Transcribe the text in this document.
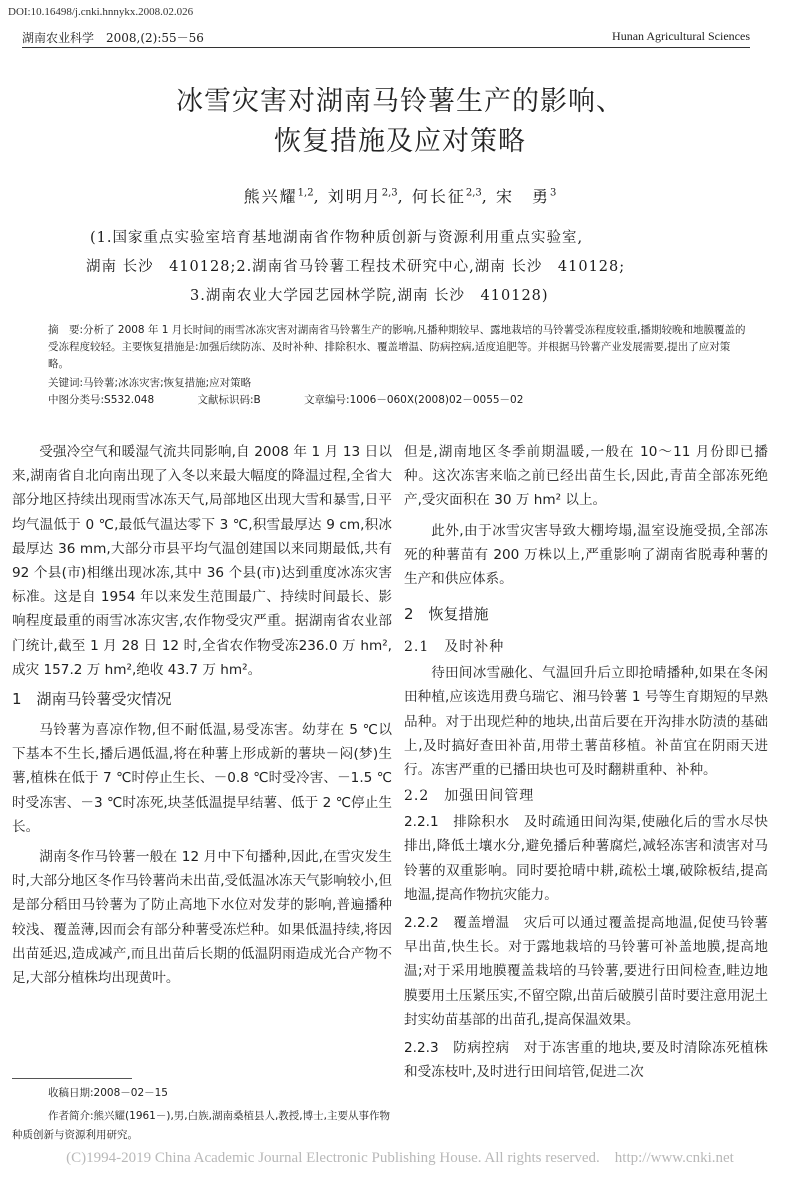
DOI:10.16498/j.cnki.hnnykx.2008.02.026
湖南农业科学　2008,(2):55－56	Hunan Agricultural Sciences
冰雪灾害对湖南马铃薯生产的影响、
恢复措施及应对策略
熊兴耀$^{1,2}$, 刘明月$^{2,3}$, 何长征$^{2,3}$, 宋　勇$^3$
(1.国家重点实验室培育基地湖南省作物种质创新与资源利用重点实验室,
湖南 长沙　410128;2.湖南省马铃薯工程技术研究中心,湖南 长沙　410128;
3.湖南农业大学园艺园林学院,湖南 长沙　410128)
摘　要:分析了 2008 年 1 月长时间的雨雪冰冻灾害对湖南省马铃薯生产的影响,凡播种期较早、露地栽培的马铃薯受冻程度较重,播期较晚和地膜覆盖的受冻程度较轻。主要恢复措施是:加强后续防冻、及时补种、排除积水、覆盖增温、防病控病,适度追肥等。并根据马铃薯产业发展需要,提出了应对策略。
关键词:马铃薯;冰冻灾害;恢复措施;应对策略
中图分类号:S532.048	文献标识码:B	文章编号:1006－060X(2008)02－0055－02

受强冷空气和暖湿气流共同影响,自 2008 年 1 月 13 日以来,湖南省自北向南出现了入冬以来最大幅度的降温过程,全省大部分地区持续出现雨雪冰冻天气,局部地区出现大雪和暴雪,日平均气温低于 0 ℃,最低气温达零下 3 ℃,积雪最厚达 9 cm,积冰最厚达 36 mm,大部分市县平均气温创建国以来同期最低,共有 92 个县(市)相继出现冰冻,其中 36 个县(市)达到重度冰冻灾害标准。这是自 1954 年以来发生范围最广、持续时间最长、影响程度最重的雨雪冰冻灾害,农作物受灾严重。据湖南省农业部门统计,截至 1 月 28 日 12 时,全省农作物受冻236.0 万 hm²,成灾 157.2 万 hm²,绝收 43.7 万 hm²。

1　湖南马铃薯受灾情况

马铃薯为喜凉作物,但不耐低温,易受冻害。幼芽在 5 ℃以下基本不生长,播后遇低温,将在种薯上形成新的薯块－闷(梦)生薯,植株在低于 7 ℃时停止生长、－0.8 ℃时受冷害、－1.5 ℃时受冻害、－3 ℃时冻死,块茎低温提早结薯、低于 2 ℃停止生长。

湖南冬作马铃薯一般在 12 月中下旬播种,因此,在雪灾发生时,大部分地区冬作马铃薯尚未出苗,受低温冰冻天气影响较小,但是部分稻田马铃薯为了防止高地下水位对发芽的影响,普遍播种较浅、覆盖薄,因而会有部分种薯受冻烂种。如果低温持续,将因出苗延迟,造成减产,而且出苗后长期的低温阴雨造成光合产物不足,大部分植株均出现黄叶。

收稿日期:2008－02－15
作者简介:熊兴耀(1961－),男,白族,湖南桑植县人,教授,博士,主要从事作物种质创新与资源利用研究。

但是,湖南地区冬季前期温暖,一般在 10～11 月份即已播种。这次冻害来临之前已经出苗生长,因此,青苗全部冻死绝产,受灾面积在 30 万 hm² 以上。

此外,由于冰雪灾害导致大棚垮塌,温室设施受损,全部冻死的种薯苗有 200 万株以上,严重影响了湖南省脱毒种薯的生产和供应体系。

2　恢复措施
2.1　及时补种

待田间冰雪融化、气温回升后立即抢晴播种,如果在冬闲田种植,应该选用费乌瑞它、湘马铃薯 1 号等生育期短的早熟品种。对于出现烂种的地块,出苗后要在开沟排水防渍的基础上,及时搞好查田补苗,用带土薯苗移植。补苗宜在阴雨天进行。冻害严重的已播田块也可及时翻耕重种、补种。

2.2　加强田间管理

2.2.1　排除积水　及时疏通田间沟渠,使融化后的雪水尽快排出,降低土壤水分,避免播后种薯腐烂,减轻冻害和渍害对马铃薯的双重影响。同时要抢晴中耕,疏松土壤,破除板结,提高地温,提高作物抗灾能力。

2.2.2　覆盖增温　灾后可以通过覆盖提高地温,促使马铃薯早出苗,快生长。对于露地栽培的马铃薯可补盖地膜,提高地温;对于采用地膜覆盖栽培的马铃薯,要进行田间检查,畦边地膜要用土压紧压实,不留空隙,出苗后破膜引苗时要注意用泥土封实幼苗基部的出苗孔,提高保温效果。

2.2.3　防病控病　对于冻害重的地块,要及时清除冻死植株和受冻枝叶,及时进行田间培管,促进二次

(C)1994-2019 China Academic Journal Electronic Publishing House. All rights reserved.　http://www.cnki.net
